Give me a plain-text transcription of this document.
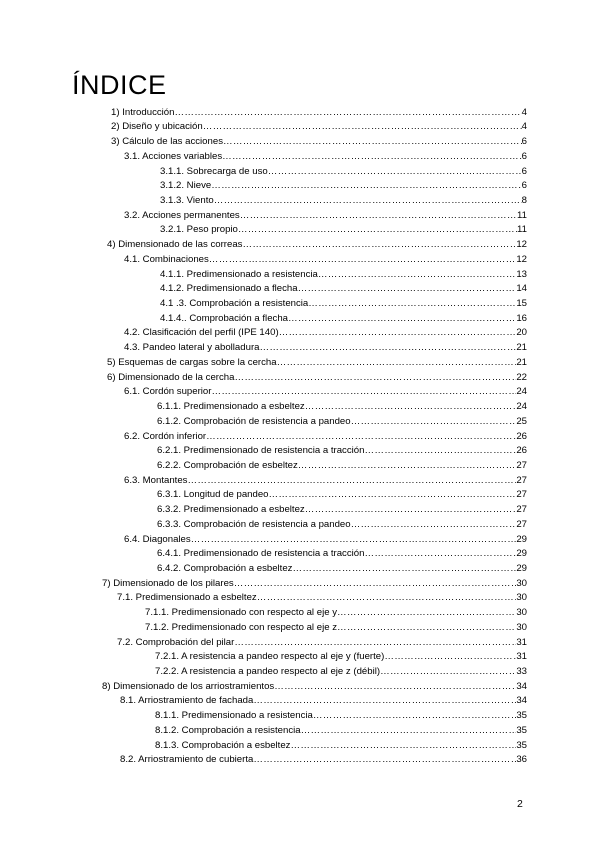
ÍNDICE
1) Introducción ……………………………………………………………………………………………………………………………………………………………………………………………………………………	4
2) Diseño y ubicación ……………………………………………………………………………………………………………………………………………………………………………………………………………………	4
3) Cálculo de las acciones ……………………………………………………………………………………………………………………………………………………………………………………………………………………	6
3.1. Acciones variables ……………………………………………………………………………………………………………………………………………………………………………………………………………………	6
3.1.1. Sobrecarga de uso ……………………………………………………………………………………………………………………………………………………………………………………………………………………	6
3.1.2. Nieve ……………………………………………………………………………………………………………………………………………………………………………………………………………………	6
3.1.3. Viento ……………………………………………………………………………………………………………………………………………………………………………………………………………………	8
3.2. Acciones permanentes ……………………………………………………………………………………………………………………………………………………………………………………………………………………	11
3.2.1. Peso propio ……………………………………………………………………………………………………………………………………………………………………………………………………………………	11
4) Dimensionado de las correas ……………………………………………………………………………………………………………………………………………………………………………………………………………………	12
4.1. Combinaciones ……………………………………………………………………………………………………………………………………………………………………………………………………………………	12
4.1.1. Predimensionado a resistencia ……………………………………………………………………………………………………………………………………………………………………………………………………………………	13
4.1.2. Predimensionado a flecha ……………………………………………………………………………………………………………………………………………………………………………………………………………………	14
4.1 .3. Comprobación a resistencia ……………………………………………………………………………………………………………………………………………………………………………………………………………………	15
4.1.4.. Comprobación a flecha ……………………………………………………………………………………………………………………………………………………………………………………………………………………	16
4.2. Clasificación del perfil (IPE 140) ……………………………………………………………………………………………………………………………………………………………………………………………………………………	20
4.3. Pandeo lateral y abolladura ……………………………………………………………………………………………………………………………………………………………………………………………………………………	21
5) Esquemas de cargas sobre la cercha ……………………………………………………………………………………………………………………………………………………………………………………………………………………	21
6) Dimensionado de la cercha ……………………………………………………………………………………………………………………………………………………………………………………………………………………	22
6.1. Cordón superior ……………………………………………………………………………………………………………………………………………………………………………………………………………………	24
6.1.1. Predimensionado a esbeltez ……………………………………………………………………………………………………………………………………………………………………………………………………………………	24
6.1.2. Comprobación de resistencia a pandeo ……………………………………………………………………………………………………………………………………………………………………………………………………………………	25
6.2. Cordón inferior ……………………………………………………………………………………………………………………………………………………………………………………………………………………	26
6.2.1. Predimensionado de resistencia a tracción ……………………………………………………………………………………………………………………………………………………………………………………………………………………	26
6.2.2. Comprobación de esbeltez ……………………………………………………………………………………………………………………………………………………………………………………………………………………	27
6.3. Montantes ……………………………………………………………………………………………………………………………………………………………………………………………………………………	27
6.3.1. Longitud de pandeo ……………………………………………………………………………………………………………………………………………………………………………………………………………………	27
6.3.2. Predimensionado a esbeltez ……………………………………………………………………………………………………………………………………………………………………………………………………………………	27
6.3.3. Comprobación de resistencia a pandeo ……………………………………………………………………………………………………………………………………………………………………………………………………………………	27
6.4. Diagonales ……………………………………………………………………………………………………………………………………………………………………………………………………………………	29
6.4.1. Predimensionado de resistencia a tracción ……………………………………………………………………………………………………………………………………………………………………………………………………………………	29
6.4.2. Comprobación a esbeltez ……………………………………………………………………………………………………………………………………………………………………………………………………………………	29
7) Dimensionado de los pilares ……………………………………………………………………………………………………………………………………………………………………………………………………………………	30
7.1. Predimensionado a esbeltez ……………………………………………………………………………………………………………………………………………………………………………………………………………………	30
7.1.1. Predimensionado con respecto al eje y ……………………………………………………………………………………………………………………………………………………………………………………………………………………	30
7.1.2. Predimensionado con respecto al eje z ……………………………………………………………………………………………………………………………………………………………………………………………………………………	30
7.2. Comprobación del pilar ……………………………………………………………………………………………………………………………………………………………………………………………………………………	31
7.2.1. A resistencia a pandeo respecto al eje y (fuerte) ……………………………………………………………………………………………………………………………………………………………………………………………………………………	31
7.2.2. A resistencia a pandeo respecto al eje z (débil) ……………………………………………………………………………………………………………………………………………………………………………………………………………………	33
8) Dimensionado de los arriostramientos ……………………………………………………………………………………………………………………………………………………………………………………………………………………	34
8.1. Arriostramiento de fachada ……………………………………………………………………………………………………………………………………………………………………………………………………………………	34
8.1.1. Predimensionado a resistencia ……………………………………………………………………………………………………………………………………………………………………………………………………………………	35
8.1.2. Comprobación a resistencia ……………………………………………………………………………………………………………………………………………………………………………………………………………………	35
8.1.3. Comprobación a esbeltez ……………………………………………………………………………………………………………………………………………………………………………………………………………………	35
8.2. Arriostramiento de cubierta ……………………………………………………………………………………………………………………………………………………………………………………………………………………	36
2
